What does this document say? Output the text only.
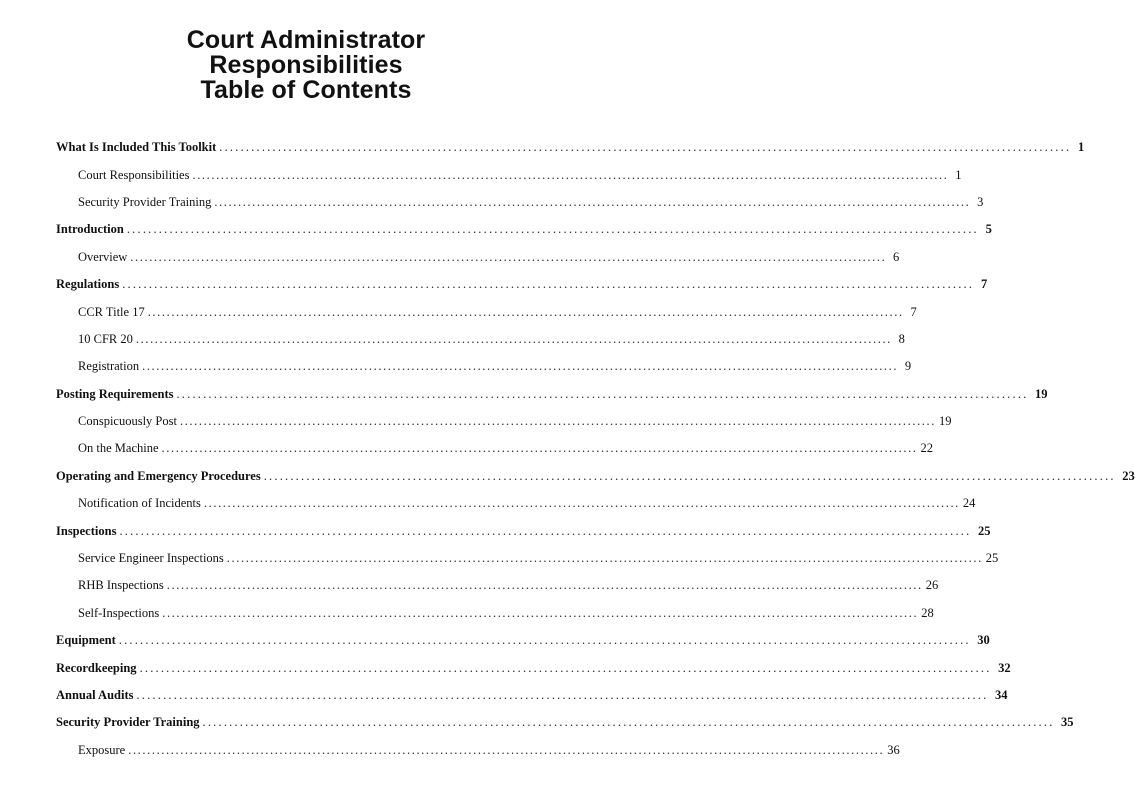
Court Administrator
Responsibilities
Table of Contents
What Is Included This Toolkit ................................................................................................................................................................ 1
Court Responsibilities ................................................................................................................................................................ 1
Security Provider Training ................................................................................................................................................................ 3
Introduction ................................................................................................................................................................ 5
Overview ................................................................................................................................................................ 6
Regulations ................................................................................................................................................................ 7
CCR Title 17 ................................................................................................................................................................ 7
10 CFR 20 ................................................................................................................................................................ 8
Registration ................................................................................................................................................................ 9
Posting Requirements ................................................................................................................................................................ 19
Conspicuously Post ................................................................................................................................................................ 19
On the Machine ................................................................................................................................................................ 22
Operating and Emergency Procedures ................................................................................................................................................................ 23
Notification of Incidents ................................................................................................................................................................ 24
Inspections ................................................................................................................................................................ 25
Service Engineer Inspections ................................................................................................................................................................ 25
RHB Inspections ................................................................................................................................................................ 26
Self-Inspections ................................................................................................................................................................ 28
Equipment ................................................................................................................................................................ 30
Recordkeeping ................................................................................................................................................................ 32
Annual Audits ................................................................................................................................................................ 34
Security Provider Training ................................................................................................................................................................ 35
Exposure ................................................................................................................................................................ 36
